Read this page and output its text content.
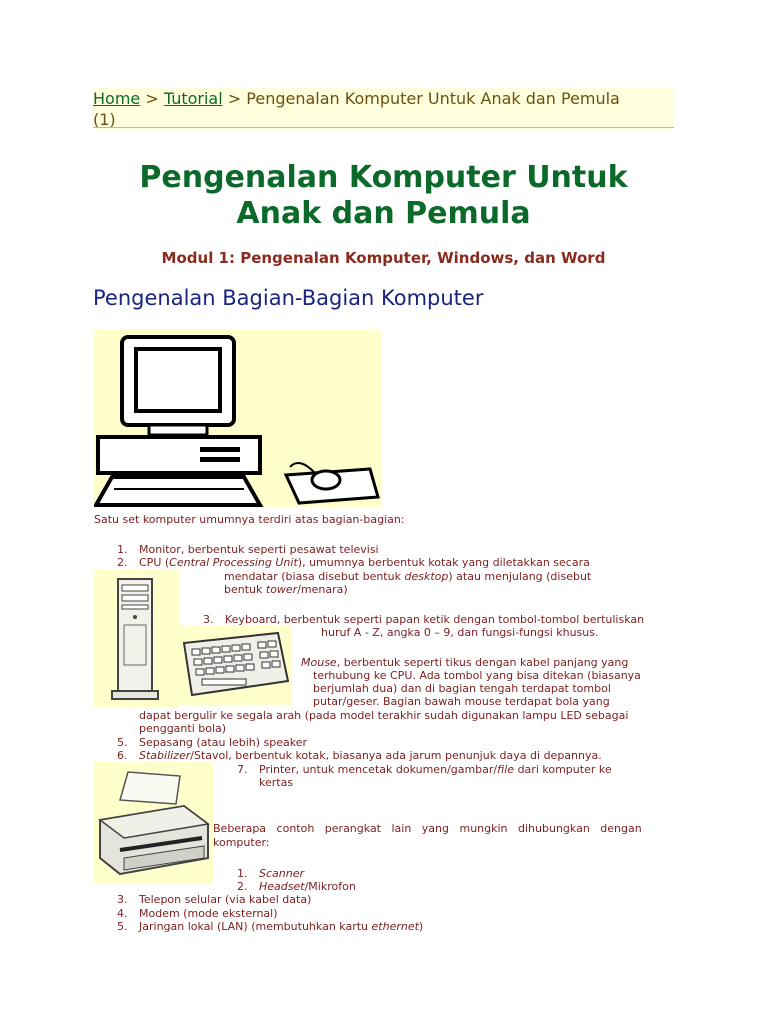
Home > Tutorial > Pengenalan Komputer Untuk Anak dan Pemula
(1)
Pengenalan Komputer Untuk
Anak dan Pemula
Modul 1: Pengenalan Komputer, Windows, dan Word
Pengenalan Bagian-Bagian Komputer
Satu set komputer umumnya terdiri atas bagian-bagian:
1. Monitor, berbentuk seperti pesawat televisi
2. CPU (Central Processing Unit), umumnya berbentuk kotak yang diletakkan secara
mendatar (biasa disebut bentuk desktop) atau menjulang (disebut
bentuk tower/menara)
3. Keyboard, berbentuk seperti papan ketik dengan tombol-tombol bertuliskan
huruf A - Z, angka 0 – 9, dan fungsi-fungsi khusus.
Mouse, berbentuk seperti tikus dengan kabel panjang yang
terhubung ke CPU. Ada tombol yang bisa ditekan (biasanya
berjumlah dua) dan di bagian tengah terdapat tombol
putar/geser. Bagian bawah mouse terdapat bola yang
dapat bergulir ke segala arah (pada model terakhir sudah digunakan lampu LED sebagai
pengganti bola)
5. Sepasang (atau lebih) speaker
6. Stabilizer/Stavol, berbentuk kotak, biasanya ada jarum penunjuk daya di depannya.
7. Printer, untuk mencetak dokumen/gambar/file dari komputer ke
kertas
Beberapa   contoh   perangkat   lain   yang   mungkin   dihubungkan   dengan
komputer:
1. Scanner
2. Headset/Mikrofon
3. Telepon selular (via kabel data)
4. Modem (mode eksternal)
5. Jaringan lokal (LAN) (membutuhkan kartu ethernet)
